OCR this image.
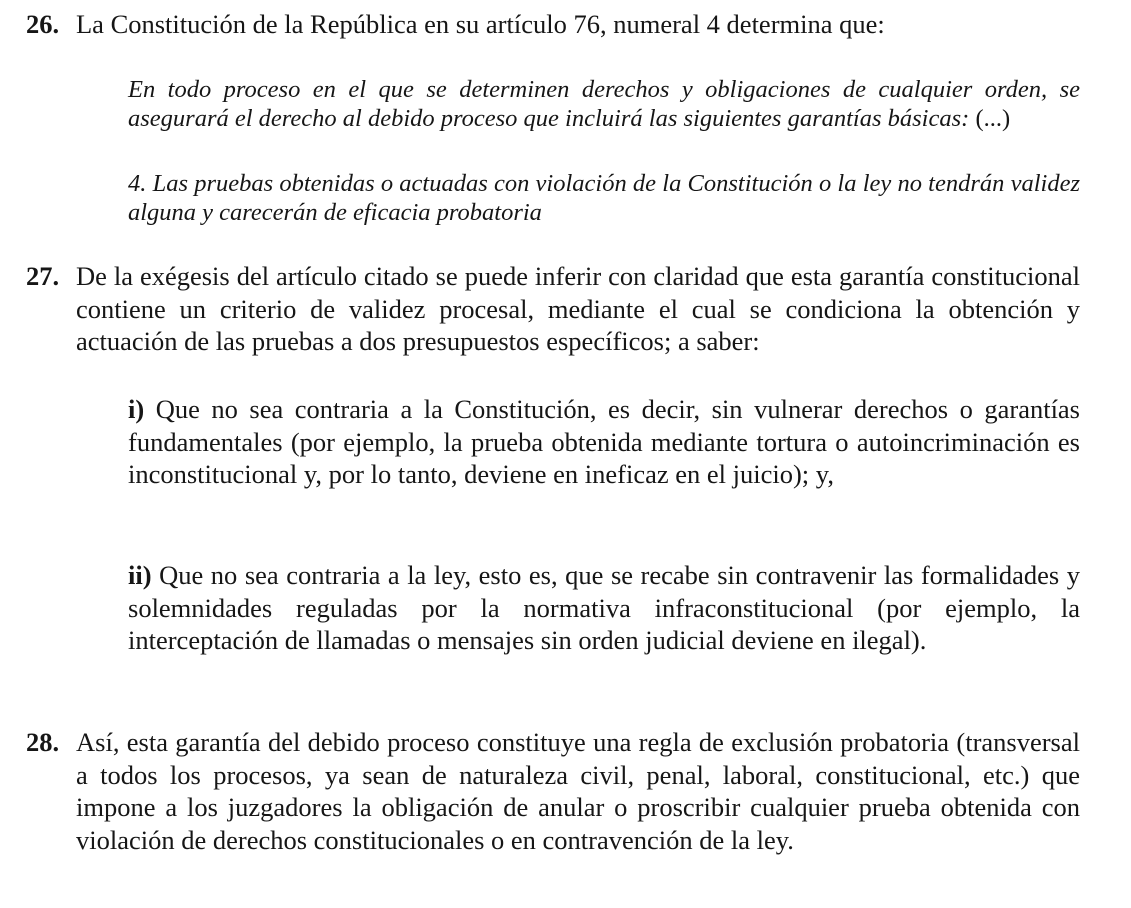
26. La Constitución de la República en su artículo 76, numeral 4 determina que:
En todo proceso en el que se determinen derechos y obligaciones de cualquier orden, se asegurará el derecho al debido proceso que incluirá las siguientes garantías básicas: (...)
4. Las pruebas obtenidas o actuadas con violación de la Constitución o la ley no tendrán validez alguna y carecerán de eficacia probatoria
27. De la exégesis del artículo citado se puede inferir con claridad que esta garantía constitucional contiene un criterio de validez procesal, mediante el cual se condiciona la obtención y actuación de las pruebas a dos presupuestos específicos; a saber:
i) Que no sea contraria a la Constitución, es decir, sin vulnerar derechos o garantías fundamentales (por ejemplo, la prueba obtenida mediante tortura o autoincriminación es inconstitucional y, por lo tanto, deviene en ineficaz en el juicio); y,
ii) Que no sea contraria a la ley, esto es, que se recabe sin contravenir las formalidades y solemnidades reguladas por la normativa infraconstitucional (por ejemplo, la interceptación de llamadas o mensajes sin orden judicial deviene en ilegal).
28. Así, esta garantía del debido proceso constituye una regla de exclusión probatoria (transversal a todos los procesos, ya sean de naturaleza civil, penal, laboral, constitucional, etc.) que impone a los juzgadores la obligación de anular o proscribir cualquier prueba obtenida con violación de derechos constitucionales o en contravención de la ley.
